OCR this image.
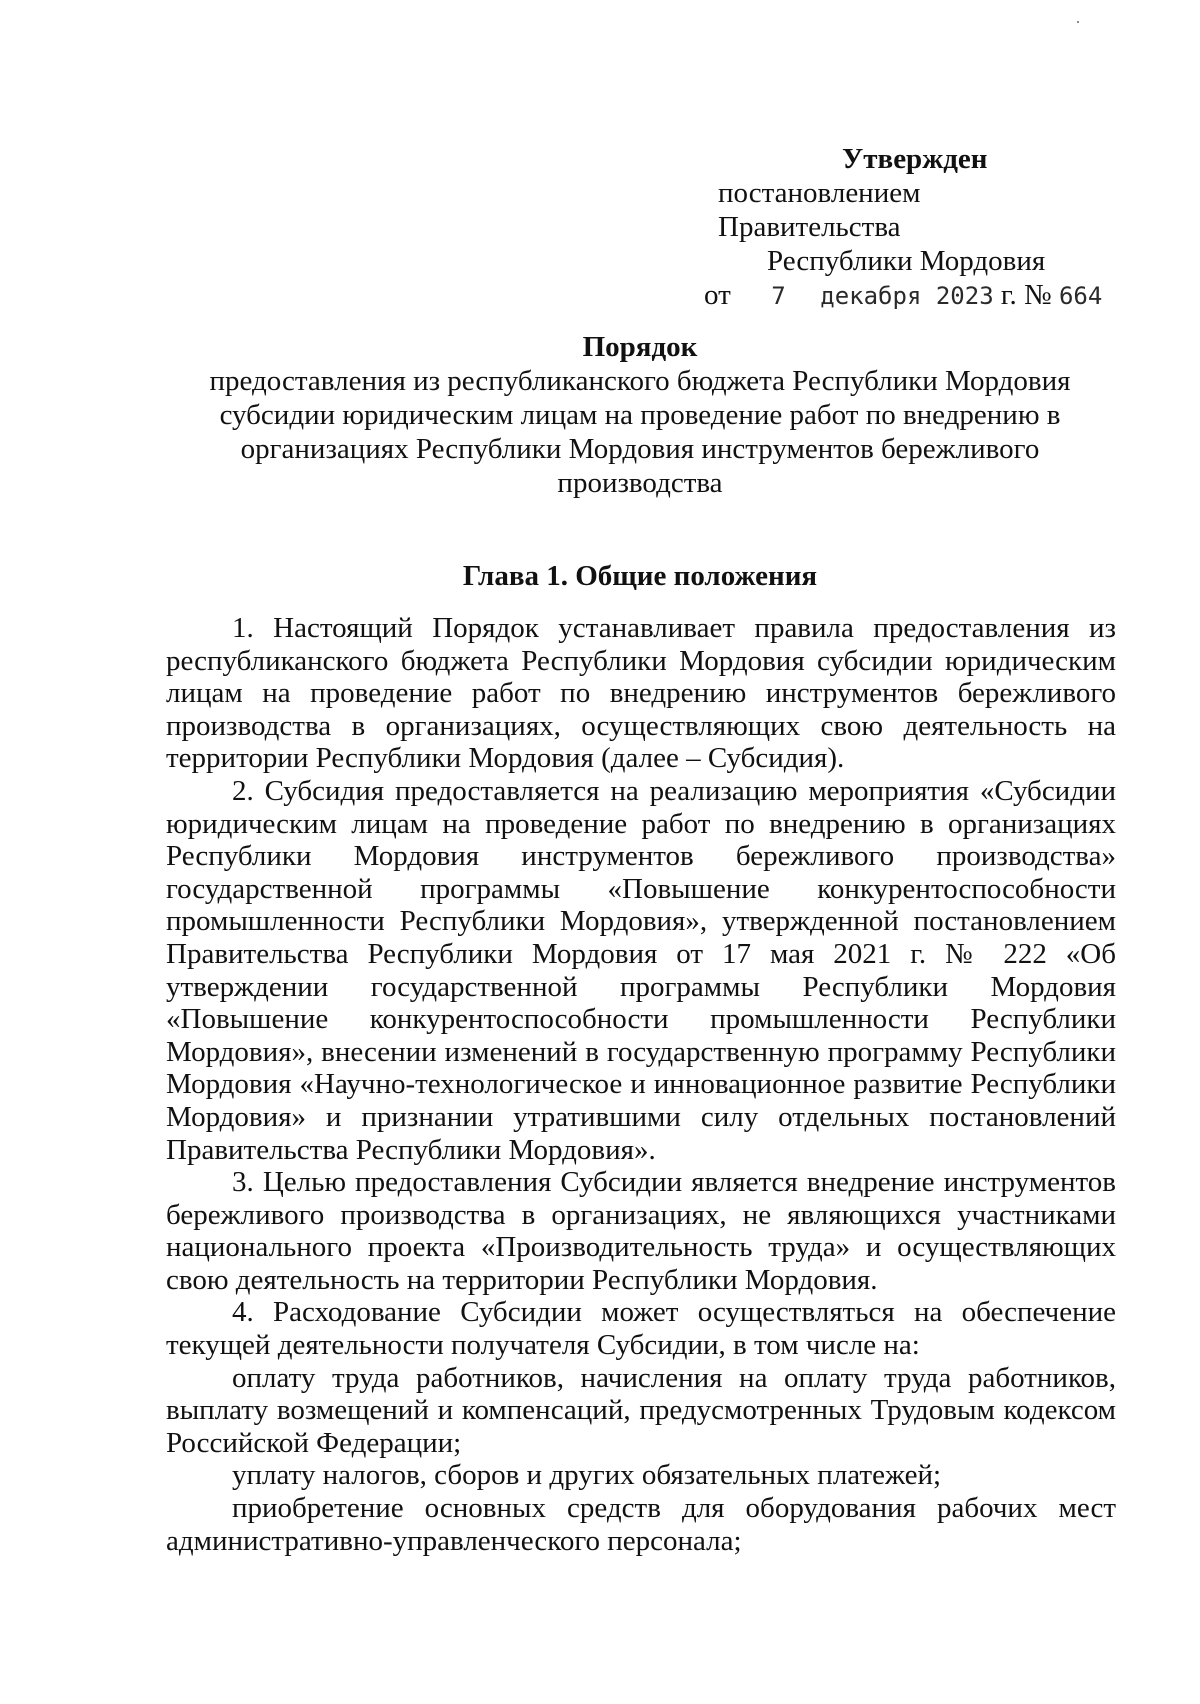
Утвержден
постановлением Правительства
Республики Мордовия
от 7 декабря 2023 г. № 664
Порядок
предоставления из республиканского бюджета Республики Мордовия
субсидии юридическим лицам на проведение работ по внедрению в
организациях Республики Мордовия инструментов бережливого
производства
Глава 1. Общие положения

1. Настоящий Порядок устанавливает правила предоставления из республиканского бюджета Республики Мордовия субсидии юридическим лицам на проведение работ по внедрению инструментов бережливого производства в организациях, осуществляющих свою деятельность на территории Республики Мордовия (далее – Субсидия).

2. Субсидия предоставляется на реализацию мероприятия «Субсидии юридическим лицам на проведение работ по внедрению в организациях Республики Мордовия инструментов бережливого производства» государственной программы «Повышение конкурентоспособности промышленности Республики Мордовия», утвержденной постановлением Правительства Республики Мордовия от 17 мая 2021 г. № 222 «Об утверждении государственной программы Республики Мордовия «Повышение конкурентоспособности промышленности Республики Мордовия», внесении изменений в государственную программу Республики Мордовия «Научно-технологическое и инновационное развитие Республики Мордовия» и признании утратившими силу отдельных постановлений Правительства Республики Мордовия».

3. Целью предоставления Субсидии является внедрение инструментов бережливого производства в организациях, не являющихся участниками национального проекта «Производительность труда» и осуществляющих свою деятельность на территории Республики Мордовия.

4. Расходование Субсидии может осуществляться на обеспечение текущей деятельности получателя Субсидии, в том числе на:

оплату труда работников, начисления на оплату труда работников, выплату возмещений и компенсаций, предусмотренных Трудовым кодексом Российской Федерации;

уплату налогов, сборов и других обязательных платежей;

приобретение основных средств для оборудования рабочих мест административно-управленческого персонала;
